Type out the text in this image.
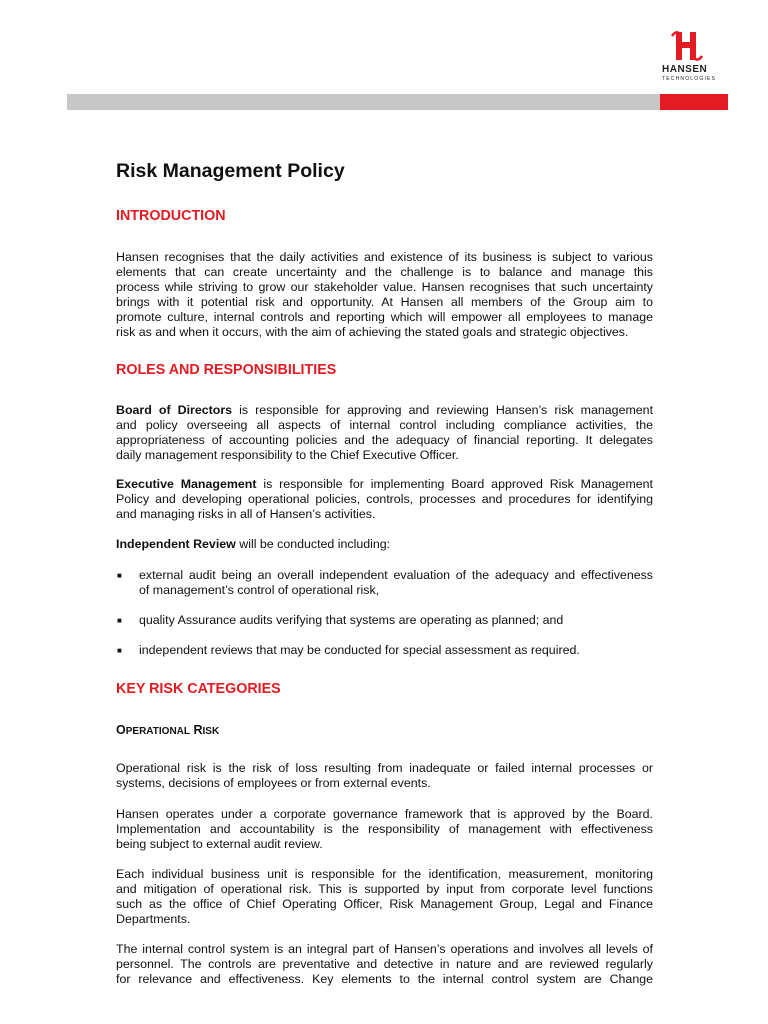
HANSEN
TECHNOLOGIES
Risk Management Policy
INTRODUCTION

Hansen recognises that the daily activities and existence of its business is subject to various
elements that can create uncertainty and the challenge is to balance and manage this
process while striving to grow our stakeholder value. Hansen recognises that such uncertainty
brings with it potential risk and opportunity. At Hansen all members of the Group aim to
promote culture, internal controls and reporting which will empower all employees to manage
risk as and when it occurs, with the aim of achieving the stated goals and strategic objectives.

ROLES AND RESPONSIBILITIES

Board of Directors is responsible for approving and reviewing Hansen’s risk management
and policy overseeing all aspects of internal control including compliance activities, the
appropriateness of accounting policies and the adequacy of financial reporting. It delegates
daily management responsibility to the Chief Executive Officer.

Executive Management is responsible for implementing Board approved Risk Management
Policy and developing operational policies, controls, processes and procedures for identifying
and managing risks in all of Hansen’s activities.

Independent Review will be conducted including:

■ external audit being an overall independent evaluation of the adequacy and effectiveness
of management’s control of operational risk,
■ quality Assurance audits verifying that systems are operating as planned; and
■ independent reviews that may be conducted for special assessment as required.
KEY RISK CATEGORIES
OPERATIONAL RISK

Operational risk is the risk of loss resulting from inadequate or failed internal processes or
systems, decisions of employees or from external events.

Hansen operates under a corporate governance framework that is approved by the Board.
Implementation and accountability is the responsibility of management with effectiveness
being subject to external audit review.

Each individual business unit is responsible for the identification, measurement, monitoring
and mitigation of operational risk. This is supported by input from corporate level functions
such as the office of Chief Operating Officer, Risk Management Group, Legal and Finance
Departments.

The internal control system is an integral part of Hansen’s operations and involves all levels of
personnel. The controls are preventative and detective in nature and are reviewed regularly
for relevance and effectiveness. Key elements to the internal control system are Change
